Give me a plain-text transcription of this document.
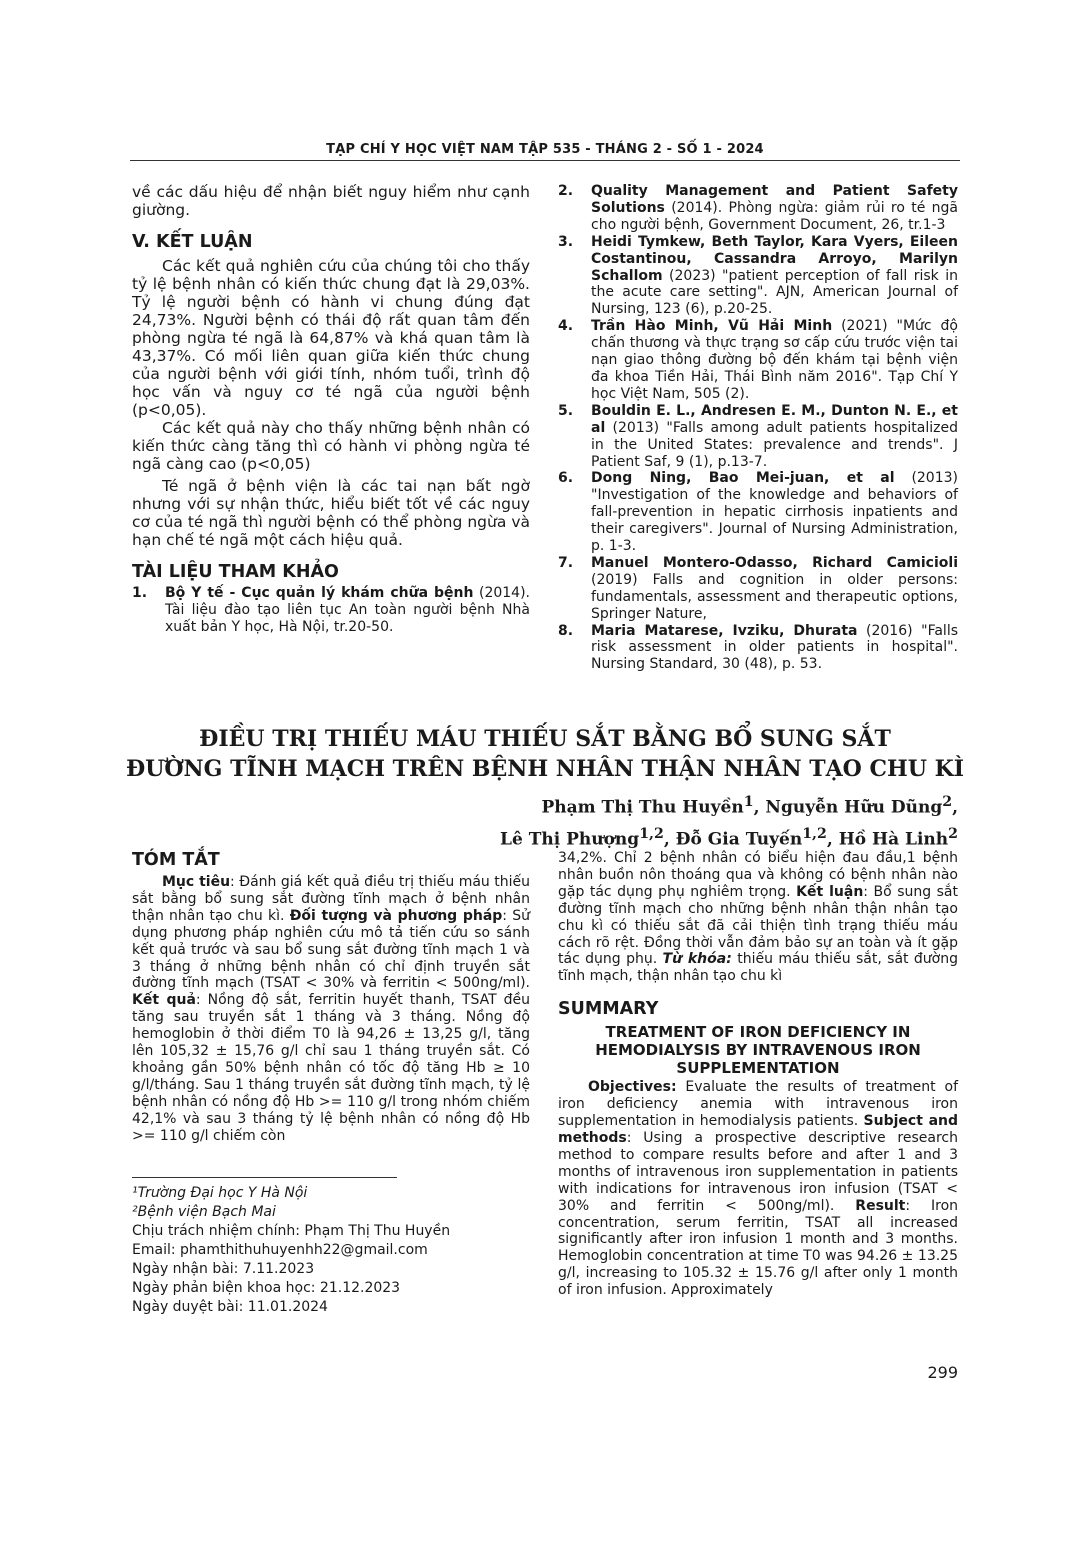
TẠP CHÍ Y HỌC VIỆT NAM TẬP 535 - THÁNG 2 - SỐ 1 - 2024

về các dấu hiệu để nhận biết nguy hiểm như cạnh giường.

V. KẾT LUẬN

Các kết quả nghiên cứu của chúng tôi cho thấy tỷ lệ bệnh nhân có kiến thức chung đạt là 29,03%. Tỷ lệ người bệnh có hành vi chung đúng đạt 24,73%. Người bệnh có thái độ rất quan tâm đến phòng ngừa té ngã là 64,87% và khá quan tâm là 43,37%. Có mối liên quan giữa kiến thức chung của người bệnh với giới tính, nhóm tuổi, trình độ học vấn và nguy cơ té ngã của người bệnh (p<0,05).

Các kết quả này cho thấy những bệnh nhân có kiến thức càng tăng thì có hành vi phòng ngừa té ngã càng cao (p<0,05)

Té ngã ở bệnh viện là các tai nạn bất ngờ nhưng với sự nhận thức, hiểu biết tốt về các nguy cơ của té ngã thì người bệnh có thể phòng ngừa và hạn chế té ngã một cách hiệu quả.

TÀI LIỆU THAM KHẢO
1.	Bộ Y tế - Cục quản lý khám chữa bệnh (2014). Tài liệu đào tạo liên tục An toàn người bệnh Nhà xuất bản Y học, Hà Nội, tr.20-50.
2.	Quality Management and Patient Safety Solutions (2014). Phòng ngừa: giảm rủi ro té ngã cho người bệnh, Government Document, 26, tr.1-3
3.	Heidi Tymkew, Beth Taylor, Kara Vyers, Eileen Costantinou, Cassandra Arroyo, Marilyn Schallom (2023) "patient perception of fall risk in the acute care setting". AJN, American Journal of Nursing, 123 (6), p.20-25.
4.	Trần Hào Minh, Vũ Hải Minh (2021) "Mức độ chấn thương và thực trạng sơ cấp cứu trước viện tai nạn giao thông đường bộ đến khám tại bệnh viện đa khoa Tiền Hải, Thái Bình năm 2016". Tạp Chí Y học Việt Nam, 505 (2).
5.	Bouldin E. L., Andresen E. M., Dunton N. E., et al (2013) "Falls among adult patients hospitalized in the United States: prevalence and trends". J Patient Saf, 9 (1), p.13-7.
6.	Dong Ning, Bao Mei-juan, et al (2013) "Investigation of the knowledge and behaviors of fall-prevention in hepatic cirrhosis inpatients and their caregivers". Journal of Nursing Administration, p. 1-3.
7.	Manuel Montero-Odasso, Richard Camicioli (2019) Falls and cognition in older persons: fundamentals, assessment and therapeutic options, Springer Nature,
8.	Maria Matarese, Ivziku, Dhurata (2016) "Falls risk assessment in older patients in hospital". Nursing Standard, 30 (48), p. 53.
ĐIỀU TRỊ THIẾU MÁU THIẾU SẮT BẰNG BỔ SUNG SẮT
ĐƯỜNG TĨNH MẠCH TRÊN BỆNH NHÂN THẬN NHÂN TẠO CHU KÌ
Phạm Thị Thu Huyền$^1$, Nguyễn Hữu Dũng$^2$,
Lê Thị Phượng$^{1,2}$, Đỗ Gia Tuyến$^{1,2}$, Hồ Hà Linh$^2$
TÓM TẮT

Mục tiêu: Đánh giá kết quả điều trị thiếu máu thiếu sắt bằng bổ sung sắt đường tĩnh mạch ở bệnh nhân thận nhân tạo chu kì. Đối tượng và phương pháp: Sử dụng phương pháp nghiên cứu mô tả tiến cứu so sánh kết quả trước và sau bổ sung sắt đường tĩnh mạch 1 và 3 tháng ở những bệnh nhân có chỉ định truyền sắt đường tĩnh mạch (TSAT < 30% và ferritin < 500ng/ml). Kết quả: Nồng độ sắt, ferritin huyết thanh, TSAT đều tăng sau truyền sắt 1 tháng và 3 tháng. Nồng độ hemoglobin ở thời điểm T0 là 94,26 ± 13,25 g/l, tăng lên 105,32 ± 15,76 g/l chỉ sau 1 tháng truyền sắt. Có khoảng gần 50% bệnh nhân có tốc độ tăng Hb ≥ 10 g/l/tháng. Sau 1 tháng truyền sắt đường tĩnh mạch, tỷ lệ bệnh nhân có nồng độ Hb >= 110 g/l trong nhóm chiếm 42,1% và sau 3 tháng tỷ lệ bệnh nhân có nồng độ Hb >= 110 g/l chiếm còn

¹Trường Đại học Y Hà Nội

²Bệnh viện Bạch Mai

Chịu trách nhiệm chính: Phạm Thị Thu Huyền

Email: phamthithuhuyenhh22@gmail.com

Ngày nhận bài: 7.11.2023

Ngày phản biện khoa học: 21.12.2023

Ngày duyệt bài: 11.01.2024

34,2%. Chỉ 2 bệnh nhân có biểu hiện đau đầu,1 bệnh nhân buồn nôn thoáng qua và không có bệnh nhân nào gặp tác dụng phụ nghiêm trọng. Kết luận: Bổ sung sắt đường tĩnh mạch cho những bệnh nhân thận nhân tạo chu kì có thiếu sắt đã cải thiện tình trạng thiếu máu cách rõ rệt. Đồng thời vẫn đảm bảo sự an toàn và ít gặp tác dụng phụ. Từ khóa: thiếu máu thiếu sắt, sắt đường tĩnh mạch, thận nhân tạo chu kì

SUMMARY
TREATMENT OF IRON DEFICIENCY IN HEMODIALYSIS BY INTRAVENOUS IRON SUPPLEMENTATION

Objectives: Evaluate the results of treatment of iron deficiency anemia with intravenous iron supplementation in hemodialysis patients. Subject and methods: Using a prospective descriptive research method to compare results before and after 1 and 3 months of intravenous iron supplementation in patients with indications for intravenous iron infusion (TSAT < 30% and ferritin < 500ng/ml). Result: Iron concentration, serum ferritin, TSAT all increased significantly after iron infusion 1 month and 3 months. Hemoglobin concentration at time T0 was 94.26 ± 13.25 g/l, increasing to 105.32 ± 15.76 g/l after only 1 month of iron infusion. Approximately

299
